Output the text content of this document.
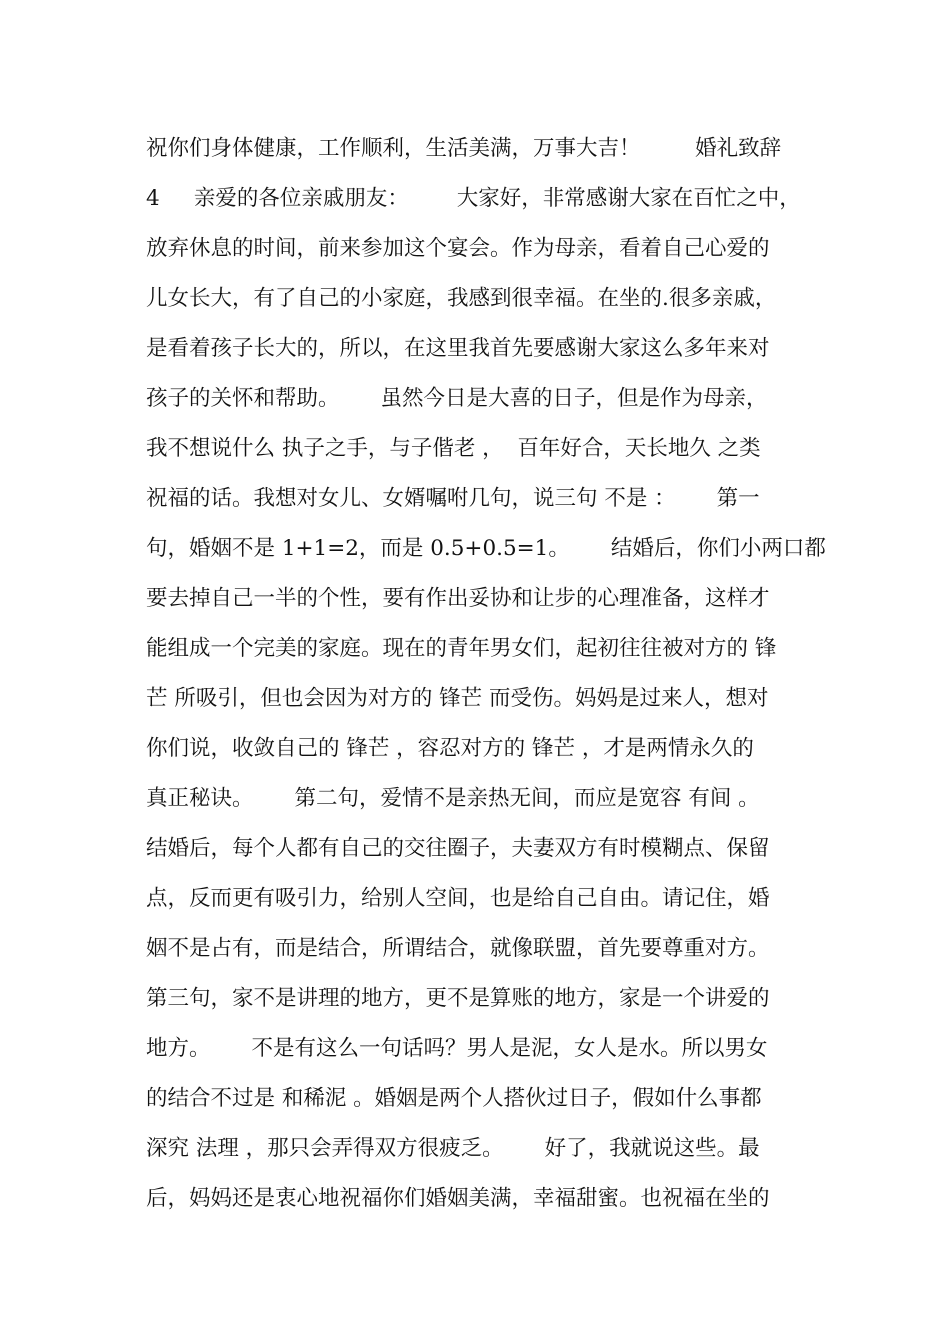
祝你们身体健康，工作顺利，生活美满，万事大吉！        婚礼致辞
4     亲爱的各位亲戚朋友：       大家好，非常感谢大家在百忙之中，
放弃休息的时间，前来参加这个宴会。作为母亲，看着自己心爱的
儿女长大，有了自己的小家庭，我感到很幸福。在坐的.很多亲戚，
是看着孩子长大的，所以，在这里我首先要感谢大家这么多年来对
孩子的关怀和帮助。      虽然今日是大喜的日子，但是作为母亲，
我不想说什么 执子之手，与子偕老 ，  百年好合，天长地久 之类
祝福的话。我想对女儿、女婿嘱咐几句，说三句 不是 ：      第一
句，婚姻不是 1+1=2，而是 0.5+0.5=1。      结婚后，你们小两口都
要去掉自己一半的个性，要有作出妥协和让步的心理准备，这样才
能组成一个完美的家庭。现在的青年男女们，起初往往被对方的 锋
芒 所吸引，但也会因为对方的 锋芒 而受伤。妈妈是过来人，想对
你们说，收敛自己的 锋芒 ，容忍对方的 锋芒 ，才是两情永久的
真正秘诀。      第二句，爱情不是亲热无间，而应是宽容 有间 。
结婚后，每个人都有自己的交往圈子，夫妻双方有时模糊点、保留
点，反而更有吸引力，给别人空间，也是给自己自由。请记住，婚
姻不是占有，而是结合，所谓结合，就像联盟，首先要尊重对方。
第三句，家不是讲理的地方，更不是算账的地方，家是一个讲爱的
地方。      不是有这么一句话吗？男人是泥，女人是水。所以男女
的结合不过是 和稀泥 。婚姻是两个人搭伙过日子，假如什么事都
深究 法理 ，那只会弄得双方很疲乏。      好了，我就说这些。最
后，妈妈还是衷心地祝福你们婚姻美满，幸福甜蜜。也祝福在坐的
